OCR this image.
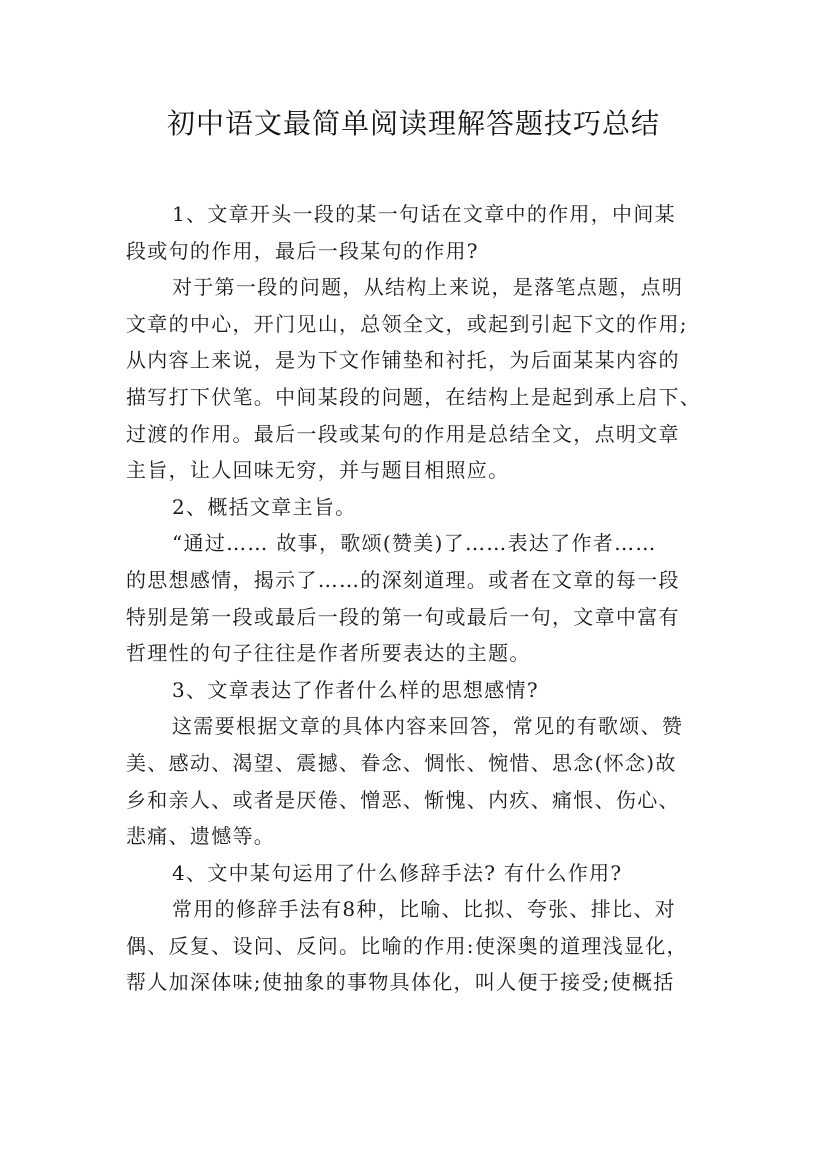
初中语文最简单阅读理解答题技巧总结
1、文章开头一段的某一句话在文章中的作用，中间某
段或句的作用，最后一段某句的作用?
对于第一段的问题，从结构上来说，是落笔点题，点明
文章的中心，开门见山，总领全文，或起到引起下文的作用;
从内容上来说，是为下文作铺垫和衬托，为后面某某内容的
描写打下伏笔。中间某段的问题，在结构上是起到承上启下、
过渡的作用。最后一段或某句的作用是总结全文，点明文章
主旨，让人回味无穷，并与题目相照应。
2、概括文章主旨。
“通过…… 故事，歌颂(赞美)了……表达了作者……
的思想感情，揭示了……的深刻道理。或者在文章的每一段
特别是第一段或最后一段的第一句或最后一句，文章中富有
哲理性的句子往往是作者所要表达的主题。
3、文章表达了作者什么样的思想感情?
这需要根据文章的具体内容来回答，常见的有歌颂、赞
美、感动、渴望、震撼、眷念、惆怅、惋惜、思念(怀念)故
乡和亲人、或者是厌倦、憎恶、惭愧、内疚、痛恨、伤心、
悲痛、遗憾等。
4、文中某句运用了什么修辞手法? 有什么作用?
常用的修辞手法有8种，比喻、比拟、夸张、排比、对
偶、反复、设问、反问。比喻的作用:使深奥的道理浅显化，
帮人加深体味;使抽象的事物具体化，叫人便于接受;使概括
